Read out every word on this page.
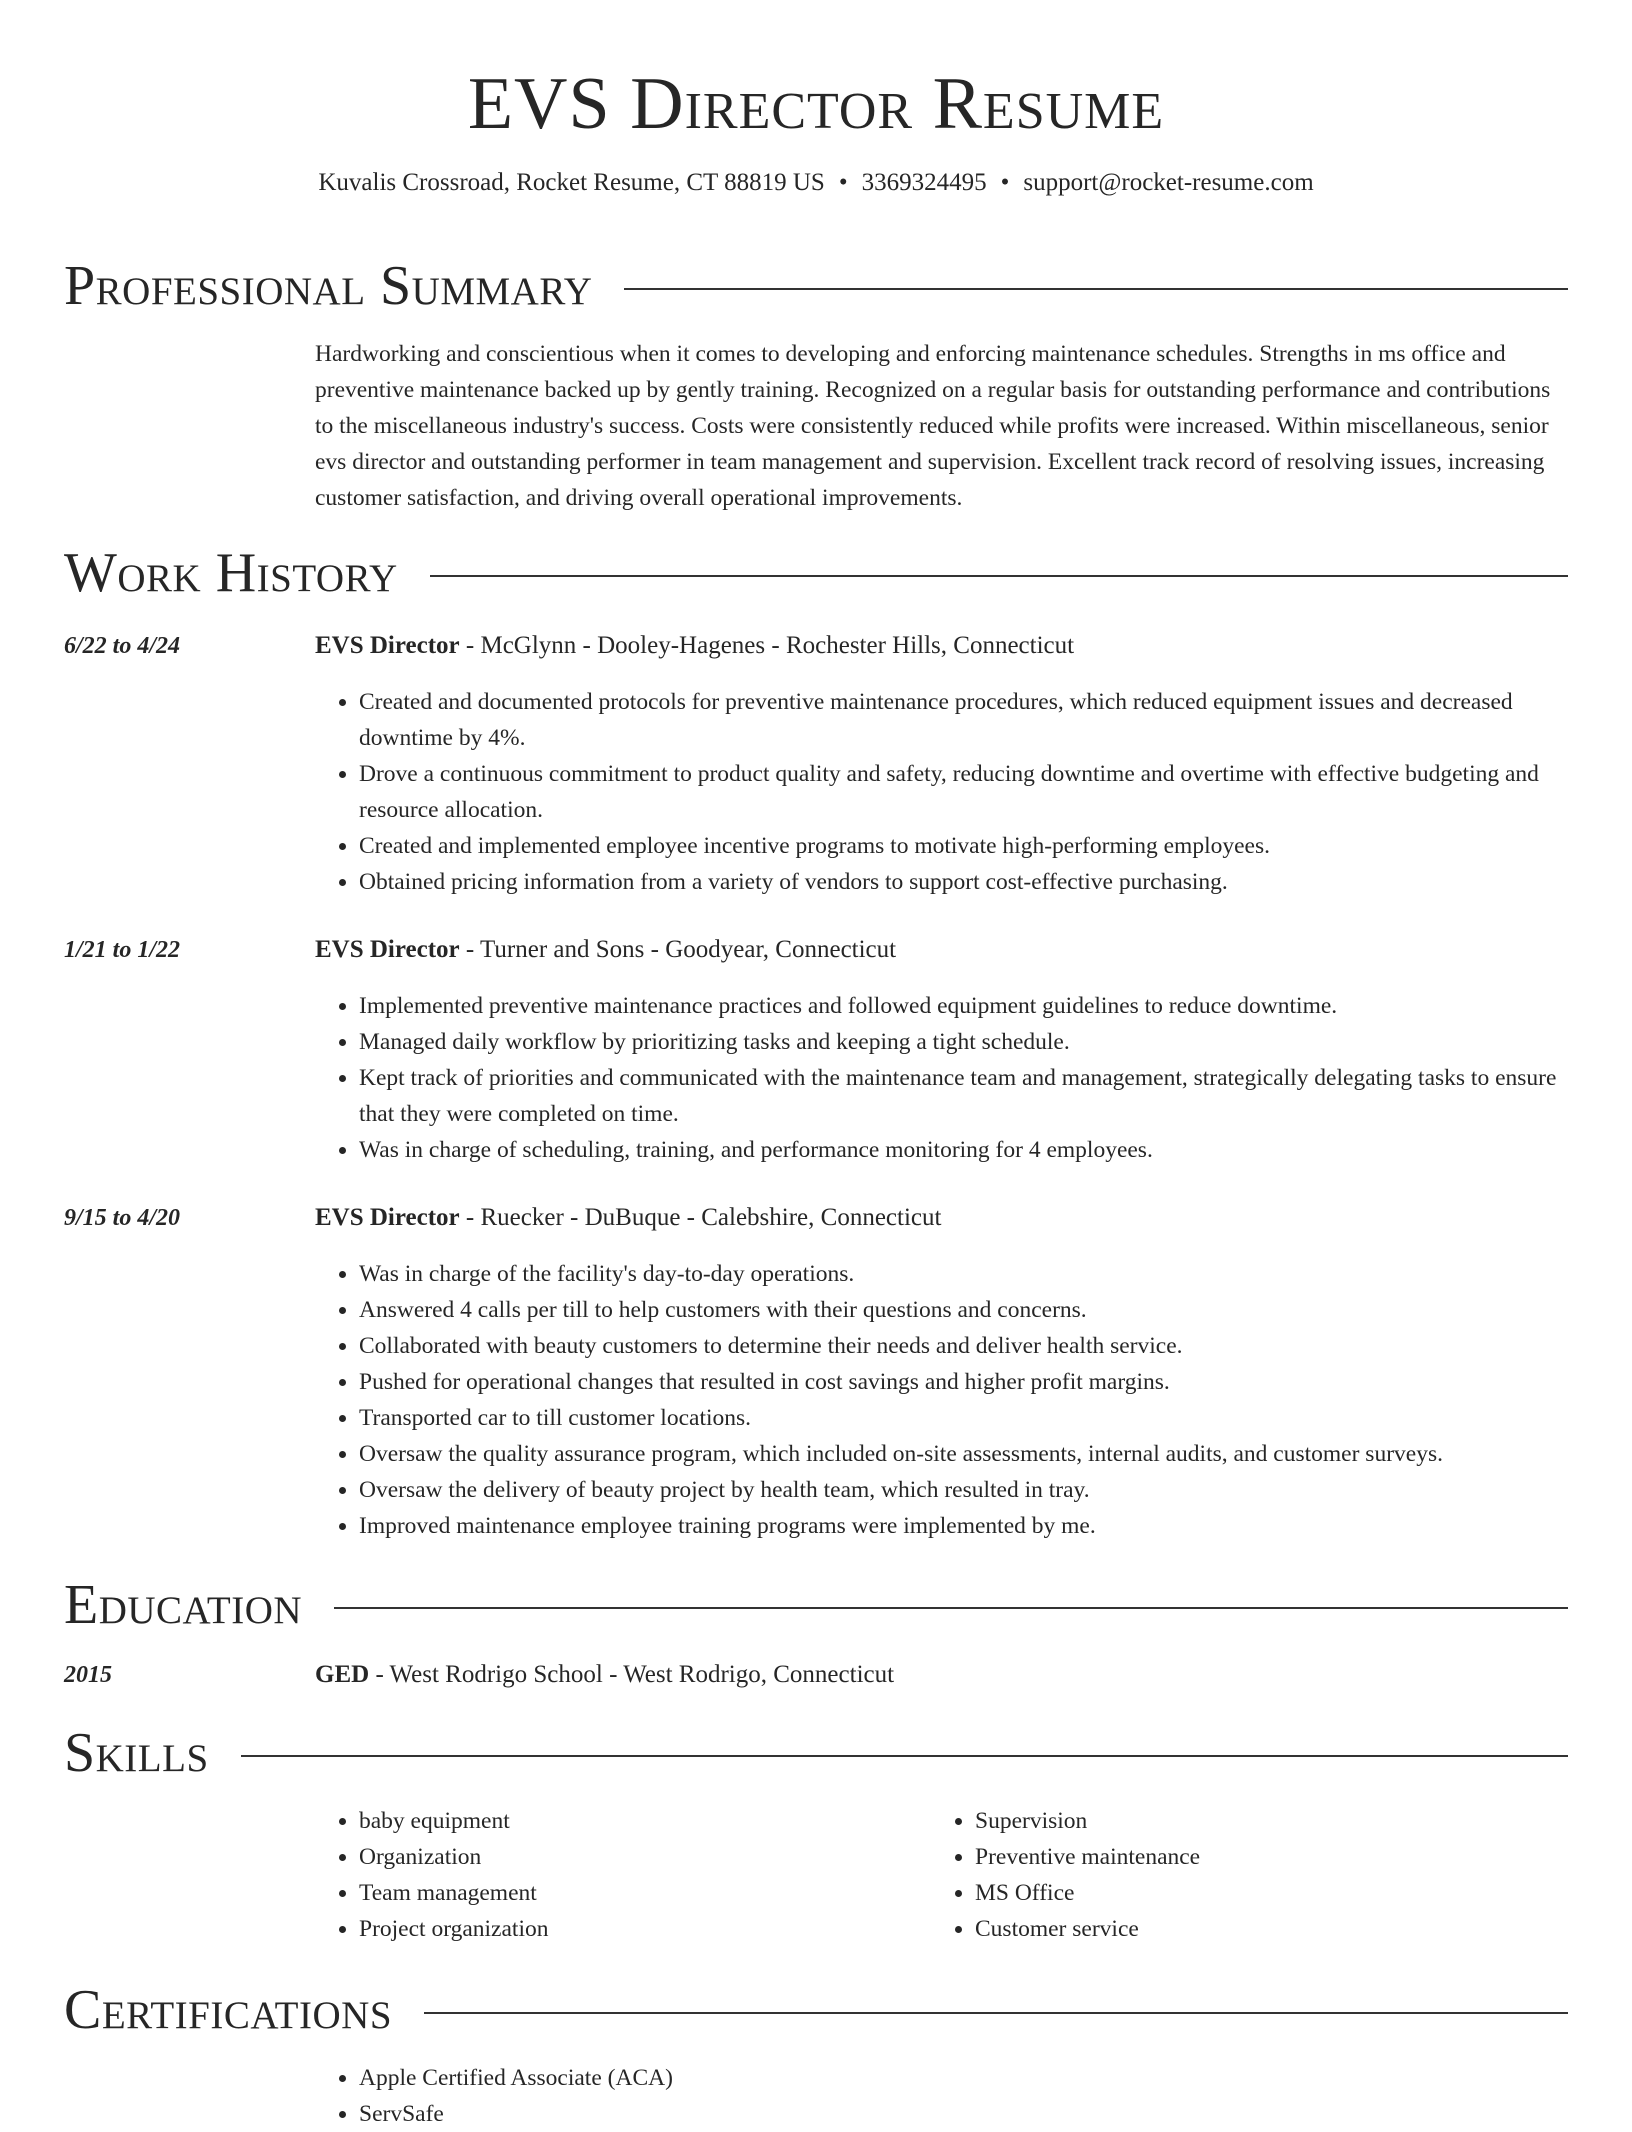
EVS Director Resume
Kuvalis Crossroad, Rocket Resume, CT 88819 US • 3369324495 • support@rocket-resume.com
Professional Summary

Hardworking and conscientious when it comes to developing and enforcing maintenance schedules. Strengths in ms office and preventive maintenance backed up by gently training. Recognized on a regular basis for outstanding performance and contributions to the miscellaneous industry's success. Costs were consistently reduced while profits were increased. Within miscellaneous, senior evs director and outstanding performer in team management and supervision. Excellent track record of resolving issues, increasing customer satisfaction, and driving overall operational improvements.

Work History
6/22 to 4/24	EVS Director - McGlynn - Dooley-Hagenes - Rochester Hills, Connecticut
• Created and documented protocols for preventive maintenance procedures, which reduced equipment issues and decreased downtime by 4%.
• Drove a continuous commitment to product quality and safety, reducing downtime and overtime with effective budgeting and resource allocation.
• Created and implemented employee incentive programs to motivate high-performing employees.
• Obtained pricing information from a variety of vendors to support cost-effective purchasing.
1/21 to 1/22	EVS Director - Turner and Sons - Goodyear, Connecticut
• Implemented preventive maintenance practices and followed equipment guidelines to reduce downtime.
• Managed daily workflow by prioritizing tasks and keeping a tight schedule.
• Kept track of priorities and communicated with the maintenance team and management, strategically delegating tasks to ensure that they were completed on time.
• Was in charge of scheduling, training, and performance monitoring for 4 employees.
9/15 to 4/20	EVS Director - Ruecker - DuBuque - Calebshire, Connecticut
• Was in charge of the facility's day-to-day operations.
• Answered 4 calls per till to help customers with their questions and concerns.
• Collaborated with beauty customers to determine their needs and deliver health service.
• Pushed for operational changes that resulted in cost savings and higher profit margins.
• Transported car to till customer locations.
• Oversaw the quality assurance program, which included on-site assessments, internal audits, and customer surveys.
• Oversaw the delivery of beauty project by health team, which resulted in tray.
• Improved maintenance employee training programs were implemented by me.
Education
2015	GED - West Rodrigo School - West Rodrigo, Connecticut
Skills
• baby equipment
• Organization
• Team management
• Project organization
• Supervision
• Preventive maintenance
• MS Office
• Customer service
Certifications
• Apple Certified Associate (ACA)
• ServSafe
